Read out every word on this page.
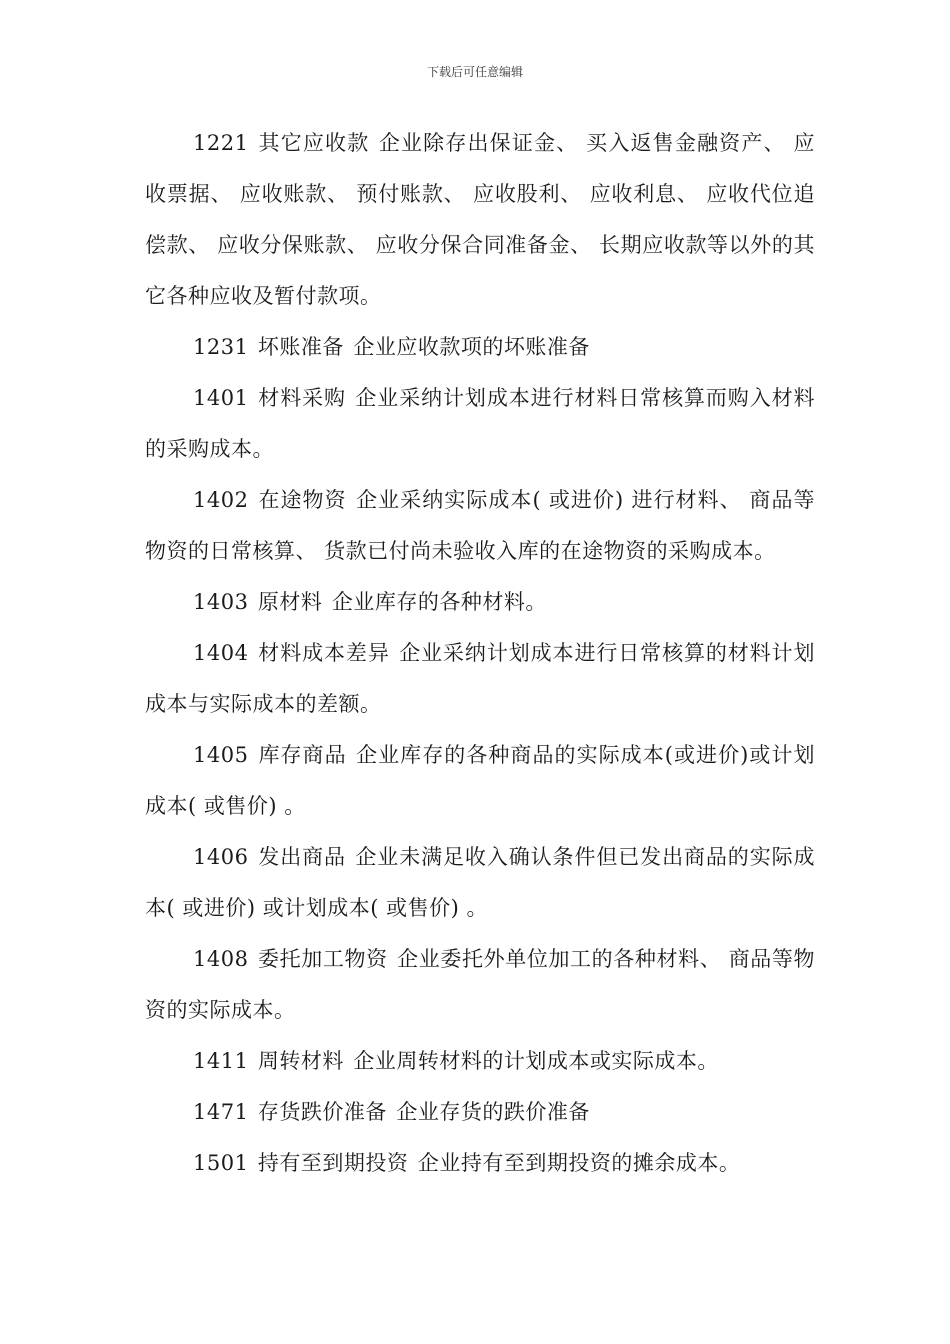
下载后可任意编辑

1221 其它应收款 企业除存出保证金、 买入返售金融资产、 应收票据、 应收账款、 预付账款、 应收股利、 应收利息、 应收代位追偿款、 应收分保账款、 应收分保合同准备金、 长期应收款等以外的其它各种应收及暂付款项。

1231 坏账准备 企业应收款项的坏账准备

1401 材料采购 企业采纳计划成本进行材料日常核算而购入材料的采购成本。

1402 在途物资 企业采纳实际成本( 或进价) 进行材料、 商品等物资的日常核算、 货款已付尚未验收入库的在途物资的采购成本。

1403 原材料 企业库存的各种材料。

1404 材料成本差异 企业采纳计划成本进行日常核算的材料计划成本与实际成本的差额。

1405 库存商品 企业库存的各种商品的实际成本(或进价)或计划成本( 或售价) 。

1406 发出商品 企业未满足收入确认条件但已发出商品的实际成本( 或进价) 或计划成本( 或售价) 。

1408 委托加工物资 企业委托外单位加工的各种材料、 商品等物资的实际成本。

1411 周转材料 企业周转材料的计划成本或实际成本。

1471 存货跌价准备 企业存货的跌价准备

1501 持有至到期投资 企业持有至到期投资的摊余成本。
